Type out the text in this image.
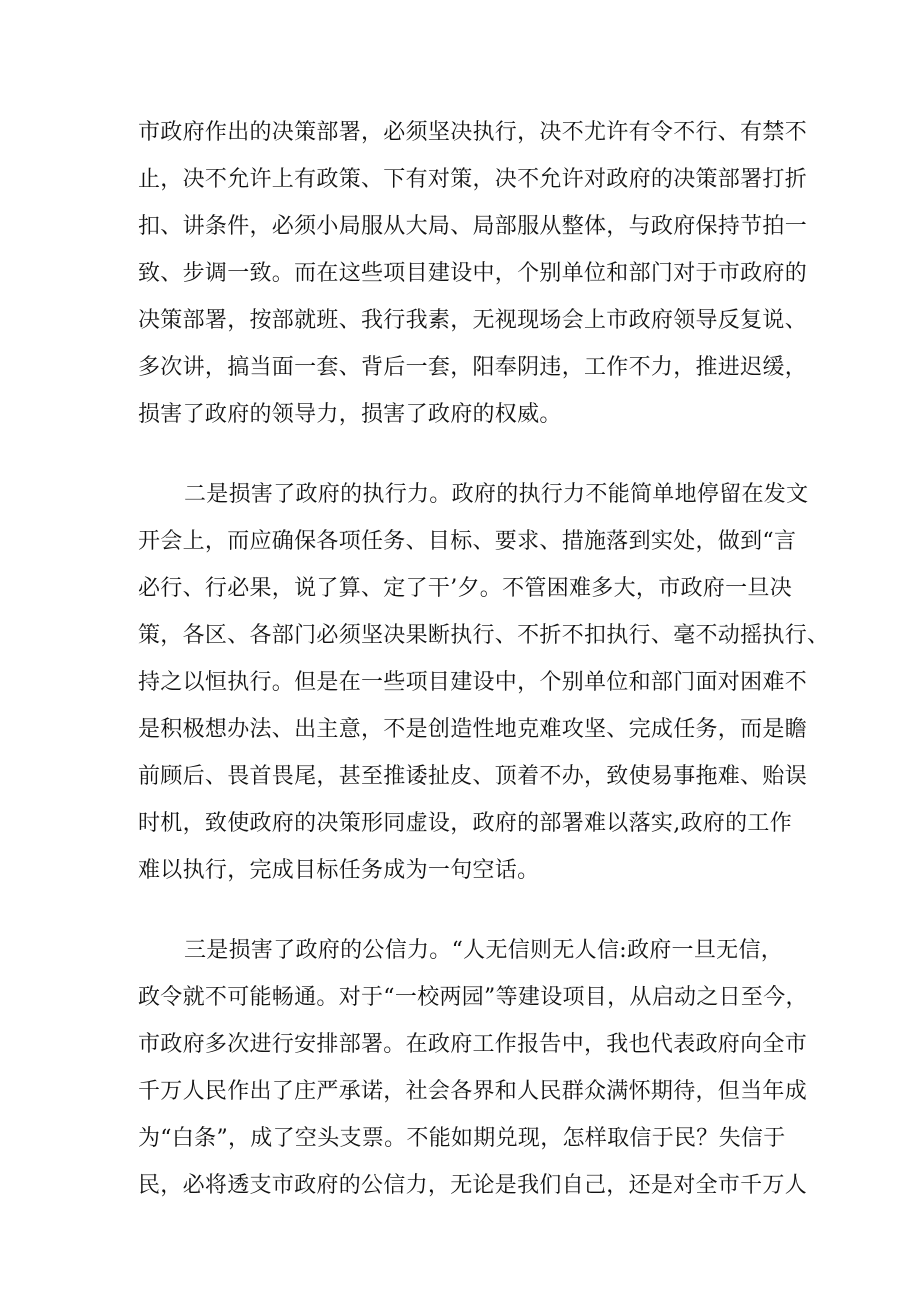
市政府作出的决策部署，必须坚决执行，决不尤许有令不行、有禁不
止，决不允许上有政策、下有对策，决不允许对政府的决策部署打折
扣、讲条件，必须小局服从大局、局部服从整体，与政府保持节拍一
致、步调一致。而在这些项目建设中，个别单位和部门对于市政府的
决策部署，按部就班、我行我素，无视现场会上市政府领导反复说、
多次讲，搞当面一套、背后一套，阳奉阴违，工作不力，推进迟缓，
损害了政府的领导力，损害了政府的权威。
二是损害了政府的执行力。政府的执行力不能简单地停留在发文
开会上，而应确保各项任务、目标、要求、措施落到实处，做到“言
必行、行必果，说了算、定了干’夕。不管困难多大，市政府一旦决
策，各区、各部门必须坚决果断执行、不折不扣执行、毫不动摇执行、
持之以恒执行。但是在一些项目建设中，个别单位和部门面对困难不
是积极想办法、出主意，不是创造性地克难攻坚、完成任务，而是瞻
前顾后、畏首畏尾，甚至推诿扯皮、顶着不办，致使易事拖难、贻误
时机，致使政府的决策形同虚设，政府的部署难以落实,政府的工作
难以执行，完成目标任务成为一句空话。
三是损害了政府的公信力。“人无信则无人信:政府一旦无信，
政令就不可能畅通。对于“一校两园”等建设项目，从启动之日至今，
市政府多次进行安排部署。在政府工作报告中，我也代表政府向全市
千万人民作出了庄严承诺，社会各界和人民群众满怀期待，但当年成
为“白条”，成了空头支票。不能如期兑现，怎样取信于民？失信于
民，必将透支市政府的公信力，无论是我们自己，还是对全市千万人
